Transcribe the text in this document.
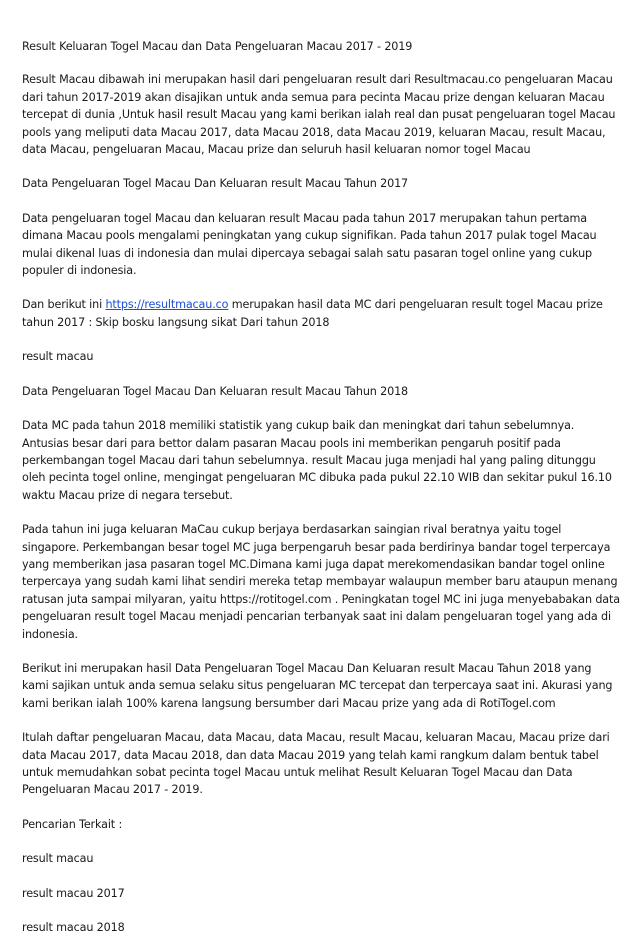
Result Keluaran Togel Macau dan Data Pengeluaran Macau 2017 - 2019

Result Macau dibawah ini merupakan hasil dari pengeluaran result dari Resultmacau.co pengeluaran Macau dari tahun 2017-2019 akan disajikan untuk anda semua para pecinta Macau prize dengan keluaran Macau tercepat di dunia ,Untuk hasil result Macau yang kami berikan ialah real dan pusat pengeluaran togel Macau pools yang meliputi data Macau 2017, data Macau 2018, data Macau 2019, keluaran Macau, result Macau, data Macau, pengeluaran Macau, Macau prize dan seluruh hasil keluaran nomor togel Macau

Data Pengeluaran Togel Macau Dan Keluaran result Macau Tahun 2017

Data pengeluaran togel Macau dan keluaran result Macau pada tahun 2017 merupakan tahun pertama dimana Macau pools mengalami peningkatan yang cukup signifikan. Pada tahun 2017 pulak togel Macau mulai dikenal luas di indonesia dan mulai dipercaya sebagai salah satu pasaran togel online yang cukup populer di indonesia.

Dan berikut ini https://resultmacau.co merupakan hasil data MC dari pengeluaran result togel Macau prize tahun 2017 : Skip bosku langsung sikat Dari tahun 2018

result macau

Data Pengeluaran Togel Macau Dan Keluaran result Macau Tahun 2018

Data MC pada tahun 2018 memiliki statistik yang cukup baik dan meningkat dari tahun sebelumnya. Antusias besar dari para bettor dalam pasaran Macau pools ini memberikan pengaruh positif pada perkembangan togel Macau dari tahun sebelumnya. result Macau juga menjadi hal yang paling ditunggu oleh pecinta togel online, mengingat pengeluaran MC dibuka pada pukul 22.10 WIB dan sekitar pukul 16.10 waktu Macau prize di negara tersebut.

Pada tahun ini juga keluaran MaCau cukup berjaya berdasarkan saingian rival beratnya yaitu togel singapore. Perkembangan besar togel MC juga berpengaruh besar pada berdirinya bandar togel terpercaya yang memberikan jasa pasaran togel MC.Dimana kami juga dapat merekomendasikan bandar togel online terpercaya yang sudah kami lihat sendiri mereka tetap membayar walaupun member baru ataupun menang ratusan juta sampai milyaran, yaitu https://rotitogel.com . Peningkatan togel MC ini juga menyebabakan data pengeluaran result togel Macau menjadi pencarian terbanyak saat ini dalam pengeluaran togel yang ada di indonesia.

Berikut ini merupakan hasil Data Pengeluaran Togel Macau Dan Keluaran result Macau Tahun 2018 yang kami sajikan untuk anda semua selaku situs pengeluaran MC tercepat dan terpercaya saat ini. Akurasi yang kami berikan ialah 100% karena langsung bersumber dari Macau prize yang ada di RotiTogel.com

Itulah daftar pengeluaran Macau, data Macau, data Macau, result Macau, keluaran Macau, Macau prize dari data Macau 2017, data Macau 2018, dan data Macau 2019 yang telah kami rangkum dalam bentuk tabel untuk memudahkan sobat pecinta togel Macau untuk melihat Result Keluaran Togel Macau dan Data Pengeluaran Macau 2017 - 2019.

Pencarian Terkait :

result macau

result macau 2017

result macau 2018
